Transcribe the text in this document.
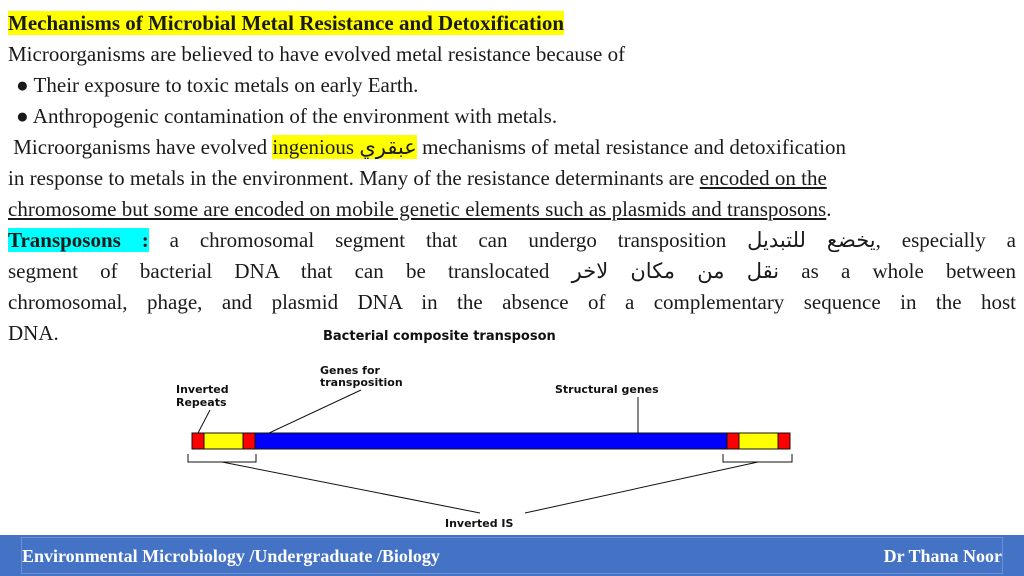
Mechanisms of Microbial Metal Resistance and Detoxification
Microorganisms are believed to have evolved metal resistance because of
● Their exposure to toxic metals on early Earth.
● Anthropogenic contamination of the environment with metals.
Microorganisms have evolved ingenious عبقري mechanisms of metal resistance and detoxification
in response to metals in the environment. Many of the resistance determinants are encoded on the
chromosome but some are encoded on mobile genetic elements such as plasmids and transposons.
Transposons : a chromosomal segment that can undergo transposition يخضع للتبديل, especially a
segment of bacterial DNA that can be translocated نقل من مكان لاخر as a whole between
chromosomal, phage, and plasmid DNA in the absence of a complementary sequence in the host
DNA.	Bacterial composite transposon
Inverted
Repeats
Genes for
transposition
Structural genes
Inverted IS
Environmental Microbiology /Undergraduate /Biology	Dr Thana Noor
